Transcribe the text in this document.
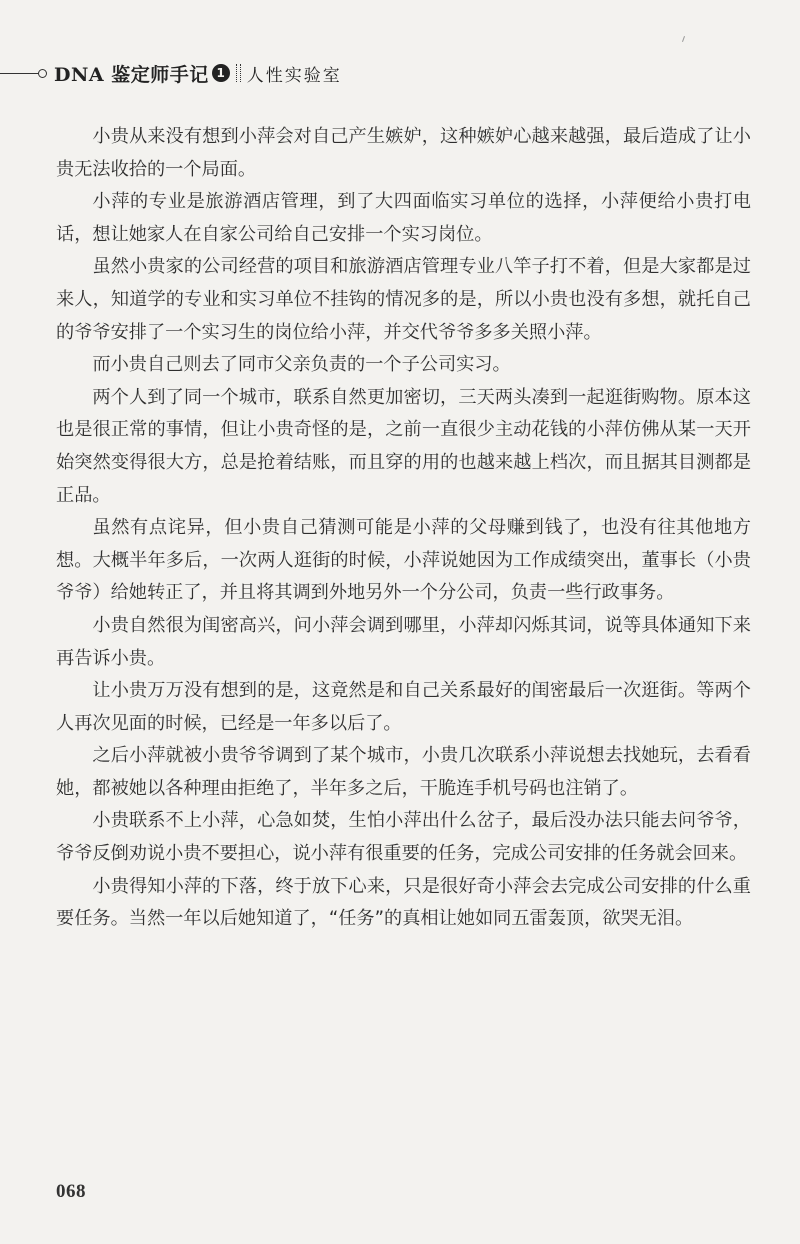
DNA 鉴定师手记 1 人性实验室

小贵从来没有想到小萍会对自己产生嫉妒，这种嫉妒心越来越强，最后造成了让小贵无法收拾的一个局面。

小萍的专业是旅游酒店管理，到了大四面临实习单位的选择，小萍便给小贵打电话，想让她家人在自家公司给自己安排一个实习岗位。

虽然小贵家的公司经营的项目和旅游酒店管理专业八竿子打不着，但是大家都是过来人，知道学的专业和实习单位不挂钩的情况多的是，所以小贵也没有多想，就托自己的爷爷安排了一个实习生的岗位给小萍，并交代爷爷多多关照小萍。

而小贵自己则去了同市父亲负责的一个子公司实习。

两个人到了同一个城市，联系自然更加密切，三天两头凑到一起逛街购物。原本这也是很正常的事情，但让小贵奇怪的是，之前一直很少主动花钱的小萍仿佛从某一天开始突然变得很大方，总是抢着结账，而且穿的用的也越来越上档次，而且据其目测都是正品。

虽然有点诧异，但小贵自己猜测可能是小萍的父母赚到钱了，也没有往其他地方想。大概半年多后，一次两人逛街的时候，小萍说她因为工作成绩突出，董事长（小贵爷爷）给她转正了，并且将其调到外地另外一个分公司，负责一些行政事务。

小贵自然很为闺密高兴，问小萍会调到哪里，小萍却闪烁其词，说等具体通知下来再告诉小贵。

让小贵万万没有想到的是，这竟然是和自己关系最好的闺密最后一次逛街。等两个人再次见面的时候，已经是一年多以后了。

之后小萍就被小贵爷爷调到了某个城市，小贵几次联系小萍说想去找她玩，去看看她，都被她以各种理由拒绝了，半年多之后，干脆连手机号码也注销了。

小贵联系不上小萍，心急如焚，生怕小萍出什么岔子，最后没办法只能去问爷爷，爷爷反倒劝说小贵不要担心，说小萍有很重要的任务，完成公司安排的任务就会回来。

小贵得知小萍的下落，终于放下心来，只是很好奇小萍会去完成公司安排的什么重要任务。当然一年以后她知道了，“任务”的真相让她如同五雷轰顶，欲哭无泪。

068
